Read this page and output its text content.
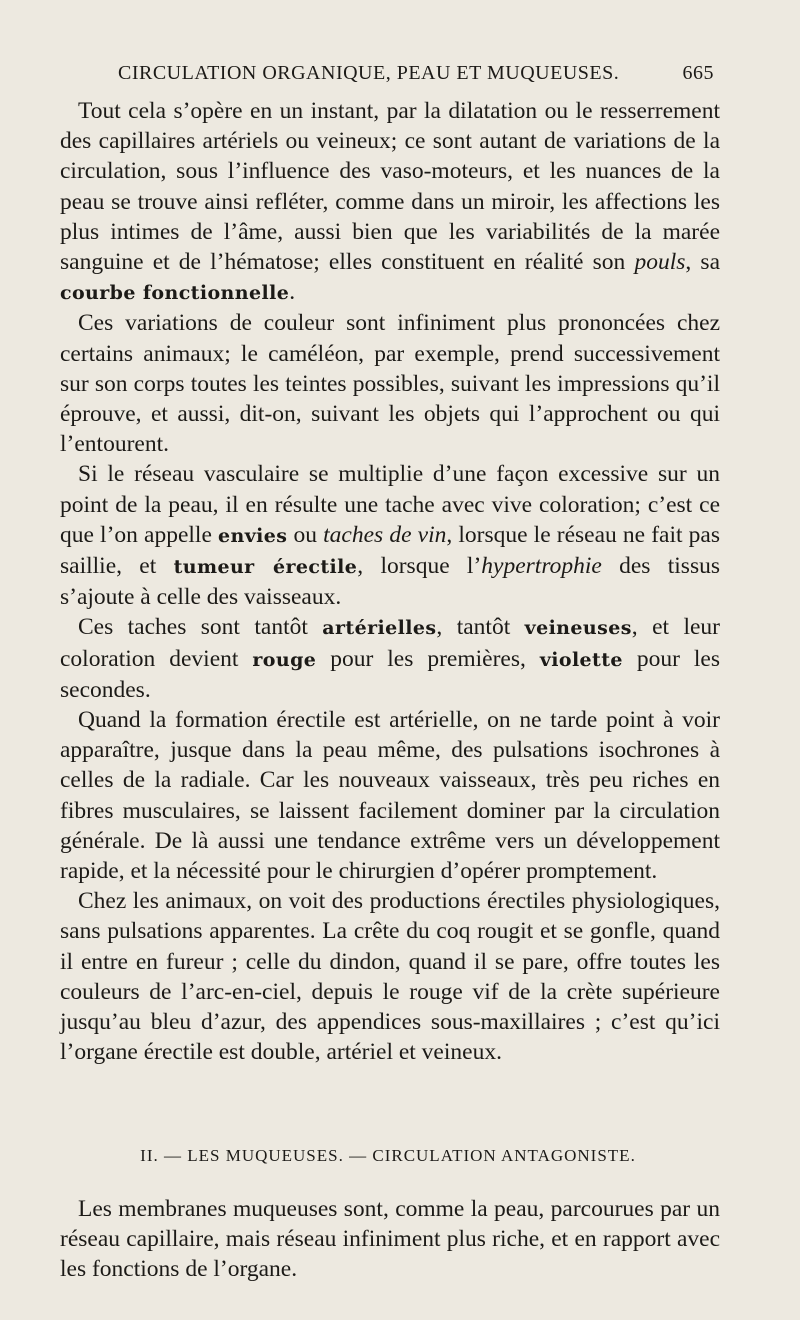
CIRCULATION ORGANIQUE, PEAU ET MUQUEUSES.	665

Tout cela s’opère en un instant, par la dilatation ou le resserrement des capillaires artériels ou veineux; ce sont autant de variations de la circulation, sous l’influence des vaso-moteurs, et les nuances de la peau se trouve ainsi refléter, comme dans un miroir, les affections les plus intimes de l’âme, aussi bien que les variabilités de la marée sanguine et de l’hématose; elles constituent en réalité son pouls, sa courbe fonctionnelle.

Ces variations de couleur sont infiniment plus prononcées chez certains animaux; le caméléon, par exemple, prend successivement sur son corps toutes les teintes possibles, suivant les impressions qu’il éprouve, et aussi, dit-on, suivant les objets qui l’approchent ou qui l’entourent.

Si le réseau vasculaire se multiplie d’une façon excessive sur un point de la peau, il en résulte une tache avec vive coloration; c’est ce que l’on appelle envies ou taches de vin, lorsque le réseau ne fait pas saillie, et tumeur érectile, lorsque l’hypertrophie des tissus s’ajoute à celle des vaisseaux.

Ces taches sont tantôt artérielles, tantôt veineuses, et leur coloration devient rouge pour les premières, violette pour les secondes.

Quand la formation érectile est artérielle, on ne tarde point à voir apparaître, jusque dans la peau même, des pulsations isochrones à celles de la radiale. Car les nouveaux vaisseaux, très peu riches en fibres musculaires, se laissent facilement dominer par la circulation générale. De là aussi une tendance extrême vers un développement rapide, et la nécessité pour le chirurgien d’opérer promptement.

Chez les animaux, on voit des productions érectiles physiologiques, sans pulsations apparentes. La crête du coq rougit et se gonfle, quand il entre en fureur ; celle du dindon, quand il se pare, offre toutes les couleurs de l’arc-en-ciel, depuis le rouge vif de la crète supérieure jusqu’au bleu d’azur, des appendices sous-maxillaires ; c’est qu’ici l’organe érectile est double, artériel et veineux.

II. — LES MUQUEUSES. — CIRCULATION ANTAGONISTE.

Les membranes muqueuses sont, comme la peau, parcourues par un réseau capillaire, mais réseau infiniment plus riche, et en rapport avec les fonctions de l’organe.
